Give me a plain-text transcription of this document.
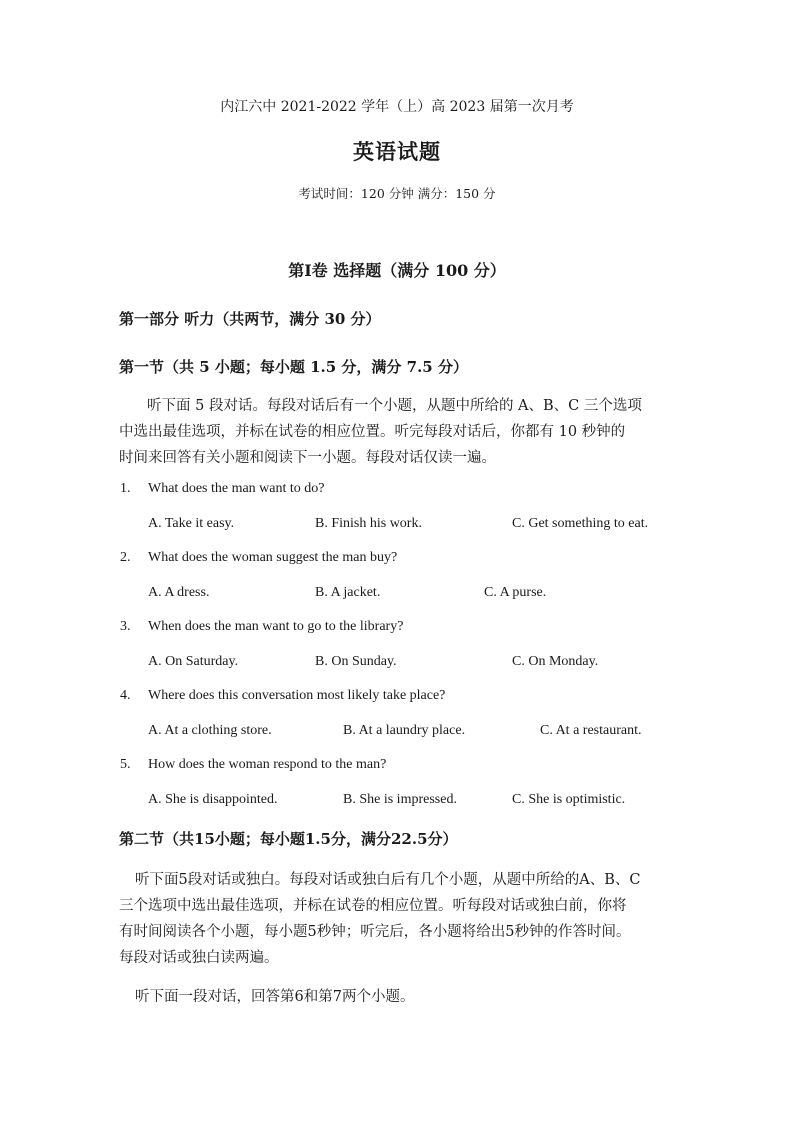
内江六中 2021-2022 学年（上）高 2023 届第一次月考
英语试题
考试时间：120 分钟 满分：150 分
第Ⅰ卷 选择题（满分 100 分）
第一部分 听力（共两节，满分 30 分）
第一节（共 5 小题；每小题 1.5 分，满分 7.5 分）
听下面 5 段对话。每段对话后有一个小题，从题中所给的 A、B、C 三个选项
中选出最佳选项，并标在试卷的相应位置。听完每段对话后，你都有 10 秒钟的
时间来回答有关小题和阅读下一小题。每段对话仅读一遍。
1. What does the man want to do?
A. Take it easy.	B. Finish his work.	C. Get something to eat.
2. What does the woman suggest the man buy?
A. A dress.	B. A jacket.	C. A purse.
3. When does the man want to go to the library?
A. On Saturday.	B. On Sunday.	C. On Monday.
4. Where does this conversation most likely take place?
A. At a clothing store.	B. At a laundry place.	C. At a restaurant.
5. How does the woman respond to the man?
A. She is disappointed.	B. She is impressed.	C. She is optimistic.
第二节（共15小题；每小题1.5分，满分22.5分）
听下面5段对话或独白。每段对话或独白后有几个小题，从题中所给的A、B、C
三个选项中选出最佳选项，并标在试卷的相应位置。听每段对话或独白前，你将
有时间阅读各个小题，每小题5秒钟；听完后，各小题将给出5秒钟的作答时间。
每段对话或独白读两遍。
听下面一段对话，回答第6和第7两个小题。
